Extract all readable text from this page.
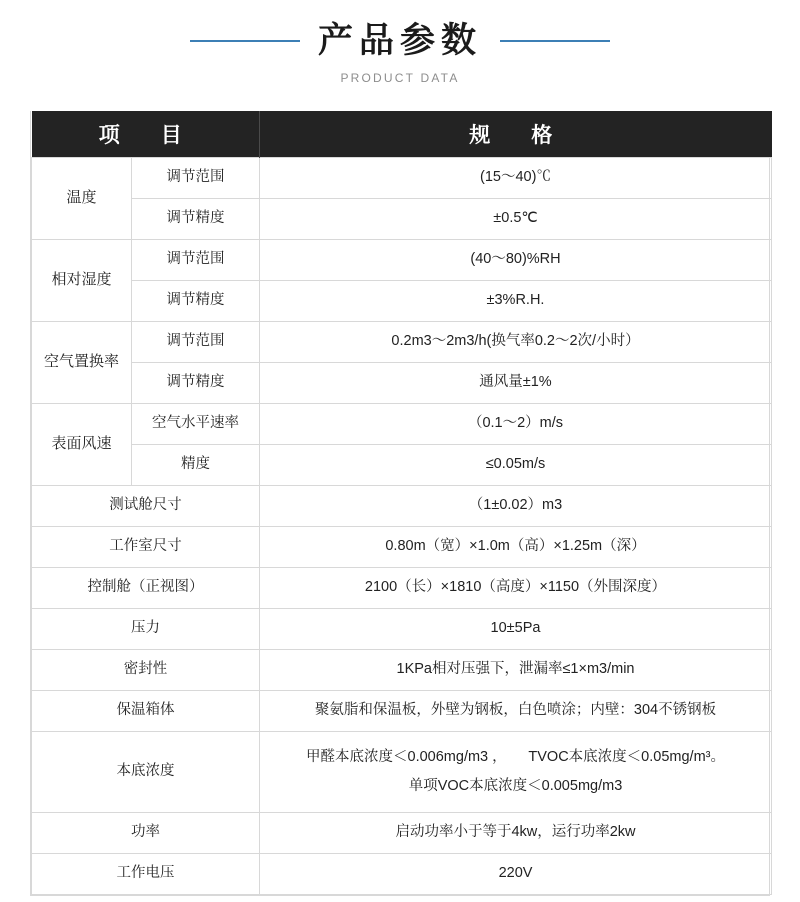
产品参数
PRODUCT DATA
项　目		规　格
温度	调节范围	(15～40)℃
	调节精度	±0.5℃
相对湿度	调节范围	(40～80)%RH
	调节精度	±3%R.H.
空气置换率	调节范围	0.2m3～2m3/h(换气率0.2～2次/小时）
	调节精度	通风量±1%
表面风速	空气水平速率	（0.1～2）m/s
	精度	≤0.05m/s
测试舱尺寸		（1±0.02）m3
工作室尺寸		0.80m（宽）×1.0m（高）×1.25m（深）
控制舱（正视图）		2100（长）×1810（高度）×1150（外围深度）
压力		10±5Pa
密封性		1KPa相对压强下，泄漏率≤1×m3/min
保温箱体		聚氨脂和保温板，外壁为钢板，白色喷涂；内壁：304不锈钢板
本底浓度		甲醛本底浓度＜0.006mg/m3 ，　　TVOC本底浓度＜0.05mg/m³。
单项VOC本底浓度＜0.005mg/m3

功率		启动功率小于等于4kw，运行功率2kw
工作电压		220V
